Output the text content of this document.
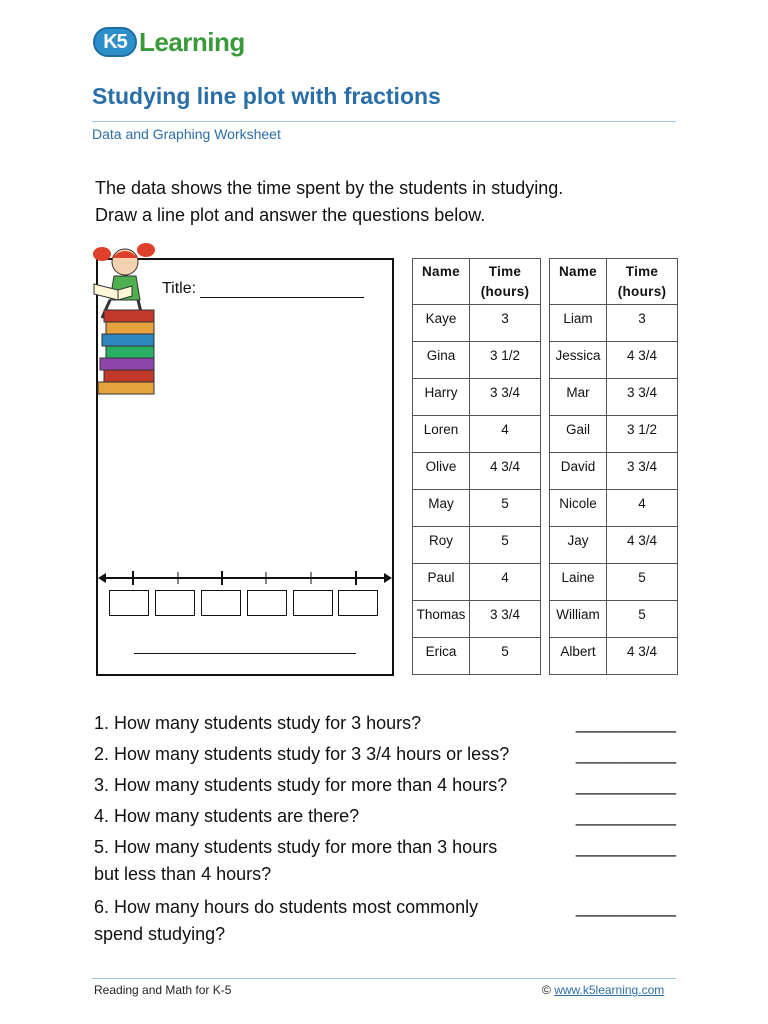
K5 Learning
Studying line plot with fractions
Data and Graphing Worksheet
The data shows the time spent by the students in studying.
Draw a line plot and answer the questions below.
Title:
Name	Time
(hours)
Kaye	3
Gina	3 1/2
Harry	3 3/4
Loren	4
Olive	4 3/4
May	5
Roy	5
Paul	4
Thomas	3 3/4
Erica	5
Name	Time
(hours)
Liam	3
Jessica	4 3/4
Mar	3 3/4
Gail	3 1/2
David	3 3/4
Nicole	4
Jay	4 3/4
Laine	5
William	5
Albert	4 3/4
1. How many students study for 3 hours?	__________
2. How many students study for 3 3/4 hours or less?	__________
3. How many students study for more than 4 hours?	__________
4. How many students are there?	__________
5. How many students study for more than 3 hours
but less than 4 hours?
__________
6. How many hours do students most commonly
spend studying?
__________
Reading and Math for K-5	© www.k5learning.com
